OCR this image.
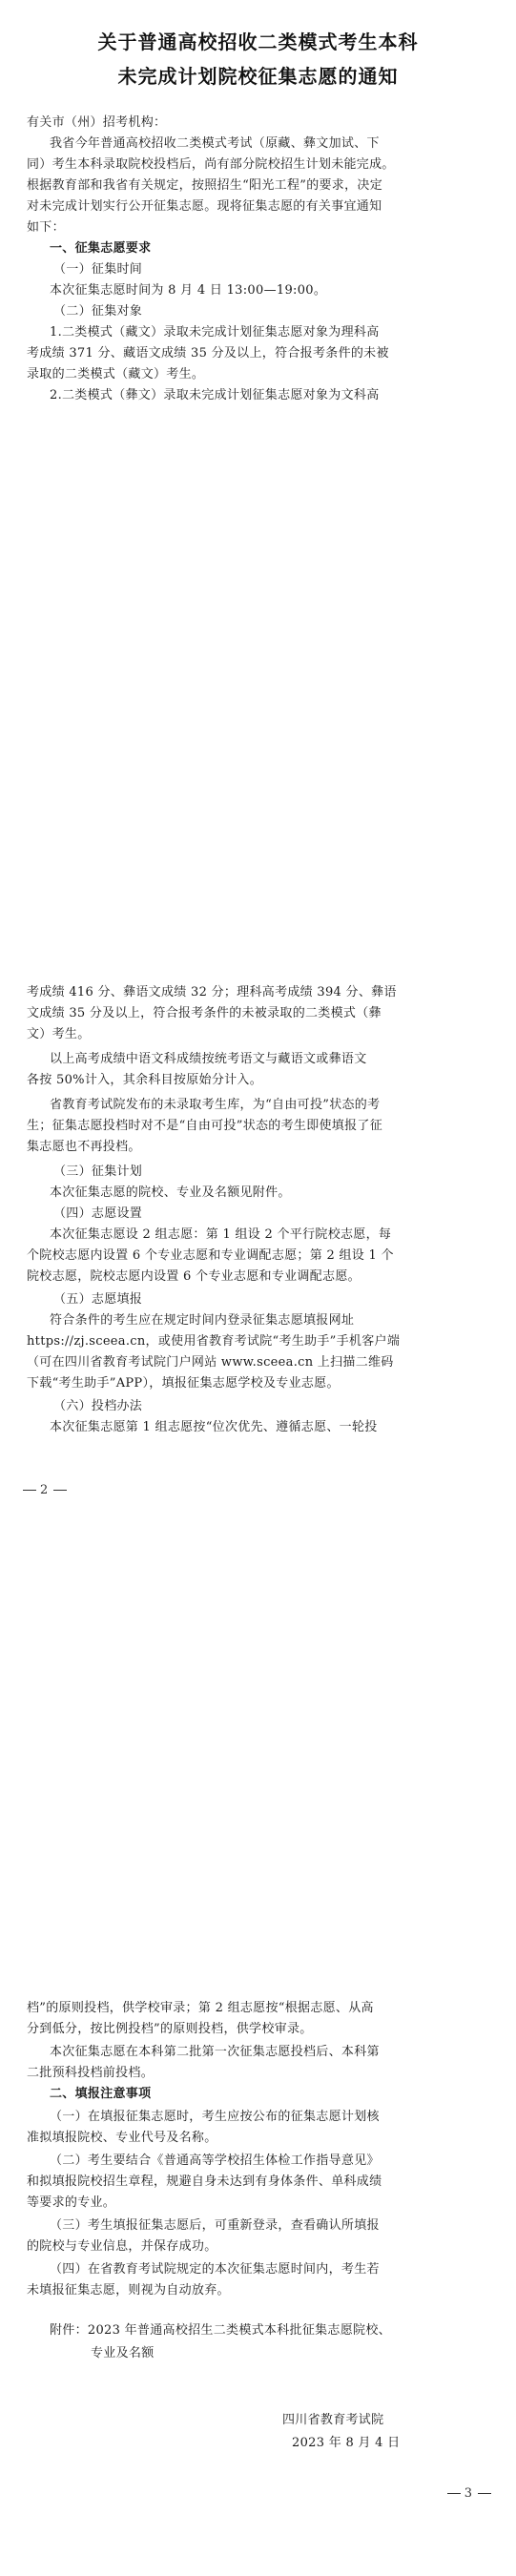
关于普通高校招收二类模式考生本科
未完成计划院校征集志愿的通知
有关市（州）招考机构：
我省今年普通高校招收二类模式考试（原藏、彝文加试、下
同）考生本科录取院校投档后，尚有部分院校招生计划未能完成。
根据教育部和我省有关规定，按照招生“阳光工程”的要求，决定
对未完成计划实行公开征集志愿。现将征集志愿的有关事宜通知
如下：
一、征集志愿要求
（一）征集时间
本次征集志愿时间为 8 月 4 日 13:00—19:00。
（二）征集对象
1.二类模式（藏文）录取未完成计划征集志愿对象为理科高
考成绩 371 分、藏语文成绩 35 分及以上，符合报考条件的未被
录取的二类模式（藏文）考生。
2.二类模式（彝文）录取未完成计划征集志愿对象为文科高
考成绩 416 分、彝语文成绩 32 分；理科高考成绩 394 分、彝语
文成绩 35 分及以上，符合报考条件的未被录取的二类模式（彝
文）考生。
以上高考成绩中语文科成绩按统考语文与藏语文或彝语文
各按 50%计入，其余科目按原始分计入。
省教育考试院发布的未录取考生库，为“自由可投”状态的考
生；征集志愿投档时对不是“自由可投”状态的考生即使填报了征
集志愿也不再投档。
（三）征集计划
本次征集志愿的院校、专业及名额见附件。
（四）志愿设置
本次征集志愿设 2 组志愿：第 1 组设 2 个平行院校志愿，每
个院校志愿内设置 6 个专业志愿和专业调配志愿；第 2 组设 1 个
院校志愿，院校志愿内设置 6 个专业志愿和专业调配志愿。
（五）志愿填报
符合条件的考生应在规定时间内登录征集志愿填报网址
https://zj.sceea.cn，或使用省教育考试院“考生助手”手机客户端
（可在四川省教育考试院门户网站 www.sceea.cn 上扫描二维码
下载“考生助手”APP），填报征集志愿学校及专业志愿。
（六）投档办法
本次征集志愿第 1 组志愿按“位次优先、遵循志愿、一轮投
2
档”的原则投档，供学校审录；第 2 组志愿按“根据志愿、从高
分到低分，按比例投档”的原则投档，供学校审录。
本次征集志愿在本科第二批第一次征集志愿投档后、本科第
二批预科投档前投档。
二、填报注意事项
（一）在填报征集志愿时，考生应按公布的征集志愿计划核
准拟填报院校、专业代号及名称。
（二）考生要结合《普通高等学校招生体检工作指导意见》
和拟填报院校招生章程，规避自身未达到有身体条件、单科成绩
等要求的专业。
（三）考生填报征集志愿后，可重新登录，查看确认所填报
的院校与专业信息，并保存成功。
（四）在省教育考试院规定的本次征集志愿时间内，考生若
未填报征集志愿，则视为自动放弃。
附件：2023 年普通高校招生二类模式本科批征集志愿院校、
专业及名额
四川省教育考试院
2023 年 8 月 4 日
3
